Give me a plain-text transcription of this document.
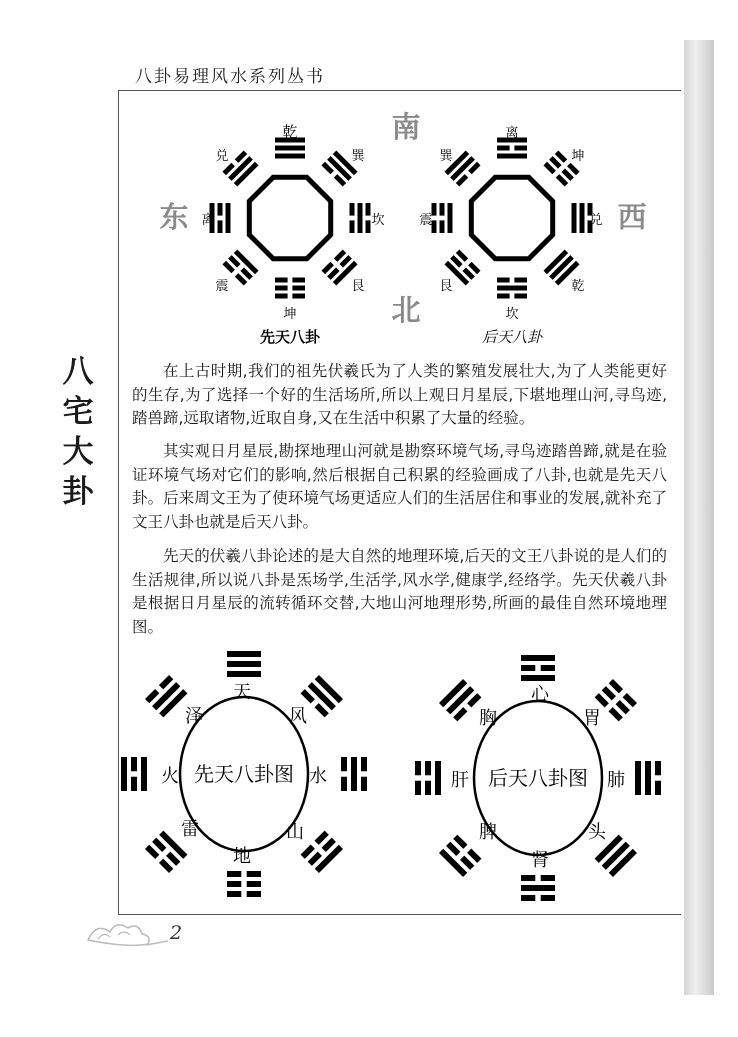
八卦易理风水系列丛书
八
宅
大
卦
南
北
东	西
乾
巽
坎
艮
坤
震
离
兑
离
坤
兑
乾
坎
艮
震
巽
先天八卦	后天八卦

在上古时期,我们的祖先伏羲氏为了人类的繁殖发展壮大,为了人类能更好的生存,为了选择一个好的生活场所,所以上观日月星辰,下堪地理山河,寻鸟迹,踏兽蹄,远取诸物,近取自身,又在生活中积累了大量的经验。

其实观日月星辰,勘探地理山河就是勘察环境气场,寻鸟迹踏兽蹄,就是在验证环境气场对它们的影响,然后根据自己积累的经验画成了八卦,也就是先天八卦。后来周文王为了使环境气场更适应人们的生活居住和事业的发展,就补充了文王八卦也就是后天八卦。

先天的伏羲八卦论述的是大自然的地理环境,后天的文王八卦说的是人们的生活规律,所以说八卦是炁场学,生活学,风水学,健康学,经络学。先天伏羲八卦是根据日月星辰的流转循环交替,大地山河地理形势,所画的最佳自然环境地理图。

先天八卦图	后天八卦图
天
风
水
山
地
雷
火
泽
心
胃
肺
头
肾
脾
肝
胸
2
